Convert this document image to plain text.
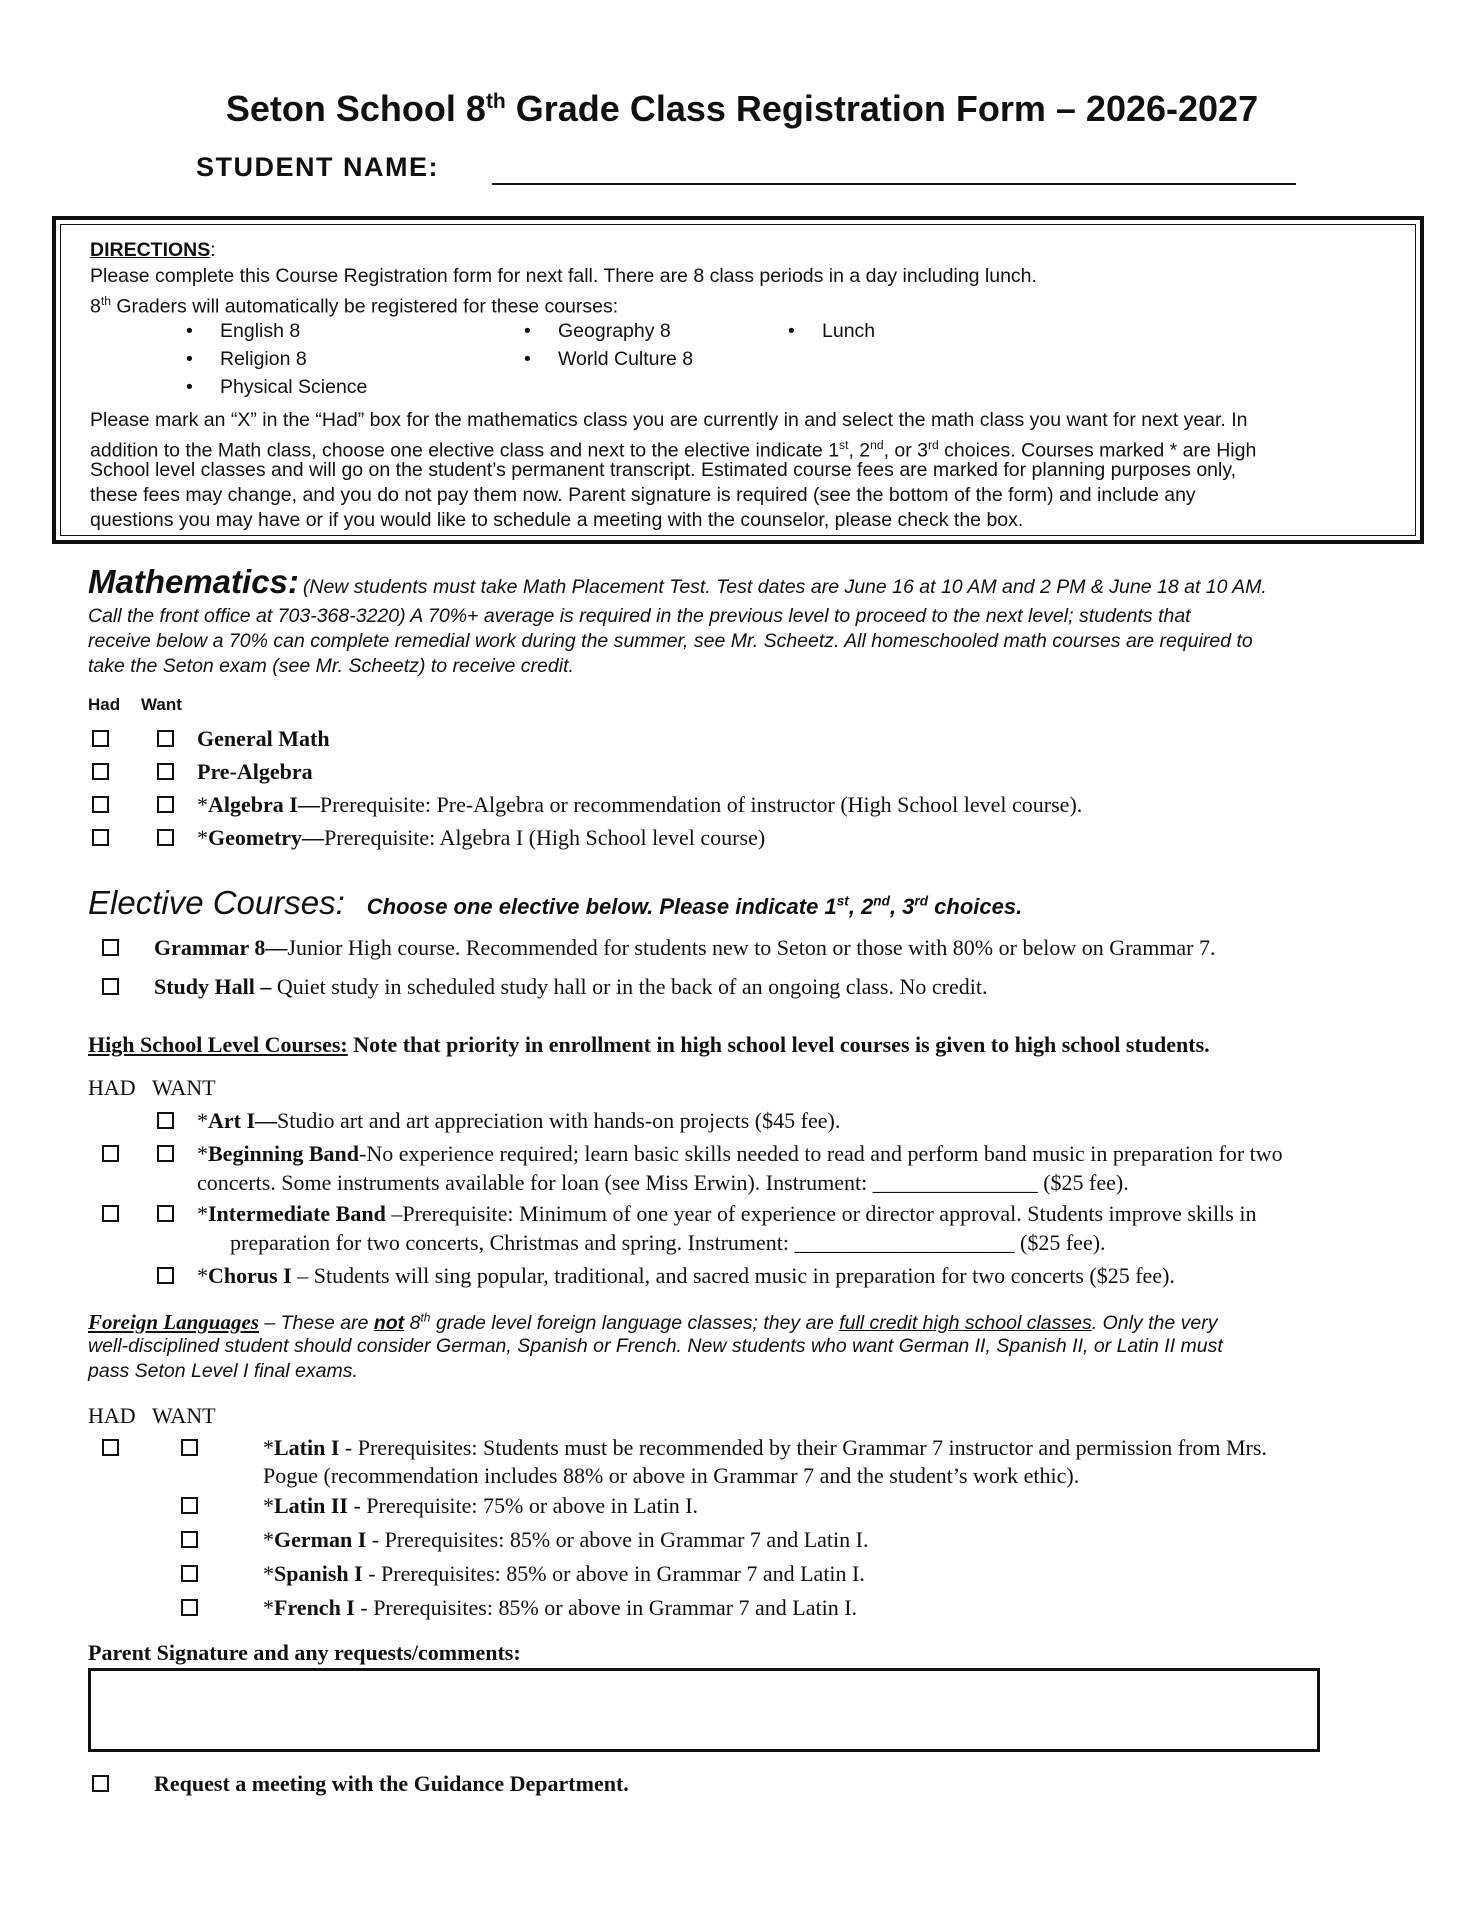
Seton School 8th Grade Class Registration Form – 2026-2027
STUDENT NAME:
DIRECTIONS:
Please complete this Course Registration form for next fall. There are 8 class periods in a day including lunch.
8th Graders will automatically be registered for these courses:
• English 8
• Religion 8
• Physical Science
• Geography 8
• World Culture 8
• Lunch
Please mark an “X” in the “Had” box for the mathematics class you are currently in and select the math class you want for next year. In
addition to the Math class, choose one elective class and next to the elective indicate 1st, 2nd, or 3rd choices. Courses marked * are High
School level classes and will go on the student’s permanent transcript. Estimated course fees are marked for planning purposes only,
these fees may change, and you do not pay them now. Parent signature is required (see the bottom of the form) and include any
questions you may have or if you would like to schedule a meeting with the counselor, please check the box.
Mathematics: (New students must take Math Placement Test. Test dates are June 16 at 10 AM and 2 PM & June 18 at 10 AM.
Call the front office at 703-368-3220) A 70%+ average is required in the previous level to proceed to the next level; students that
receive below a 70% can complete remedial work during the summer, see Mr. Scheetz. All homeschooled math courses are required to
take the Seton exam (see Mr. Scheetz) to receive credit.
Had Want
General Math
Pre-Algebra
*Algebra I—Prerequisite: Pre-Algebra or recommendation of instructor (High School level course).
*Geometry—Prerequisite: Algebra I (High School level course)
Elective Courses: Choose one elective below. Please indicate 1st, 2nd, 3rd choices.
Grammar 8—Junior High course. Recommended for students new to Seton or those with 80% or below on Grammar 7.
Study Hall – Quiet study in scheduled study hall or in the back of an ongoing class. No credit.
High School Level Courses: Note that priority in enrollment in high school level courses is given to high school students.
HAD WANT
*Art I—Studio art and art appreciation with hands-on projects ($45 fee).
*Beginning Band-No experience required; learn basic skills needed to read and perform band music in preparation for two
concerts. Some instruments available for loan (see Miss Erwin). Instrument: _______________ ($25 fee).
*Intermediate Band –Prerequisite: Minimum of one year of experience or director approval. Students improve skills in
preparation for two concerts, Christmas and spring. Instrument: ____________________ ($25 fee).
*Chorus I – Students will sing popular, traditional, and sacred music in preparation for two concerts ($25 fee).
Foreign Languages – These are not 8th grade level foreign language classes; they are full credit high school classes. Only the very
well-disciplined student should consider German, Spanish or French. New students who want German II, Spanish II, or Latin II must
pass Seton Level I final exams.
HAD WANT
*Latin I - Prerequisites: Students must be recommended by their Grammar 7 instructor and permission from Mrs.
Pogue (recommendation includes 88% or above in Grammar 7 and the student’s work ethic).
*Latin II - Prerequisite: 75% or above in Latin I.
*German I - Prerequisites: 85% or above in Grammar 7 and Latin I.
*Spanish I - Prerequisites: 85% or above in Grammar 7 and Latin I.
*French I - Prerequisites: 85% or above in Grammar 7 and Latin I.
Parent Signature and any requests/comments:
Request a meeting with the Guidance Department.
